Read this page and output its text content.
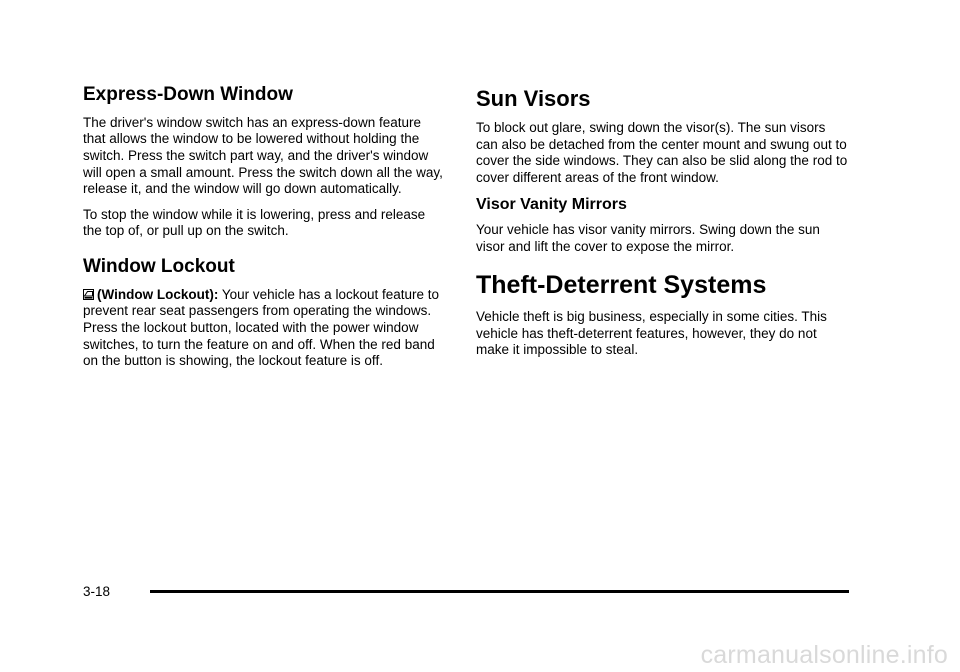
Express-Down Window

The driver's window switch has an express-down feature that allows the window to be lowered without holding the switch. Press the switch part way, and the driver's window will open a small amount. Press the switch down all the way, release it, and the window will go down automatically.

To stop the window while it is lowering, press and release the top of, or pull up on the switch.

Window Lockout

(Window Lockout): Your vehicle has a lockout feature to prevent rear seat passengers from operating the windows. Press the lockout button, located with the power window switches, to turn the feature on and off. When the red band on the button is showing, the lockout feature is off.

Sun Visors

To block out glare, swing down the visor(s). The sun visors can also be detached from the center mount and swung out to cover the side windows. They can also be slid along the rod to cover different areas of the front window.

Visor Vanity Mirrors

Your vehicle has visor vanity mirrors. Swing down the sun visor and lift the cover to expose the mirror.

Theft-Deterrent Systems

Vehicle theft is big business, especially in some cities. This vehicle has theft-deterrent features, however, they do not make it impossible to steal.

3-18
carmanualsonline.info
